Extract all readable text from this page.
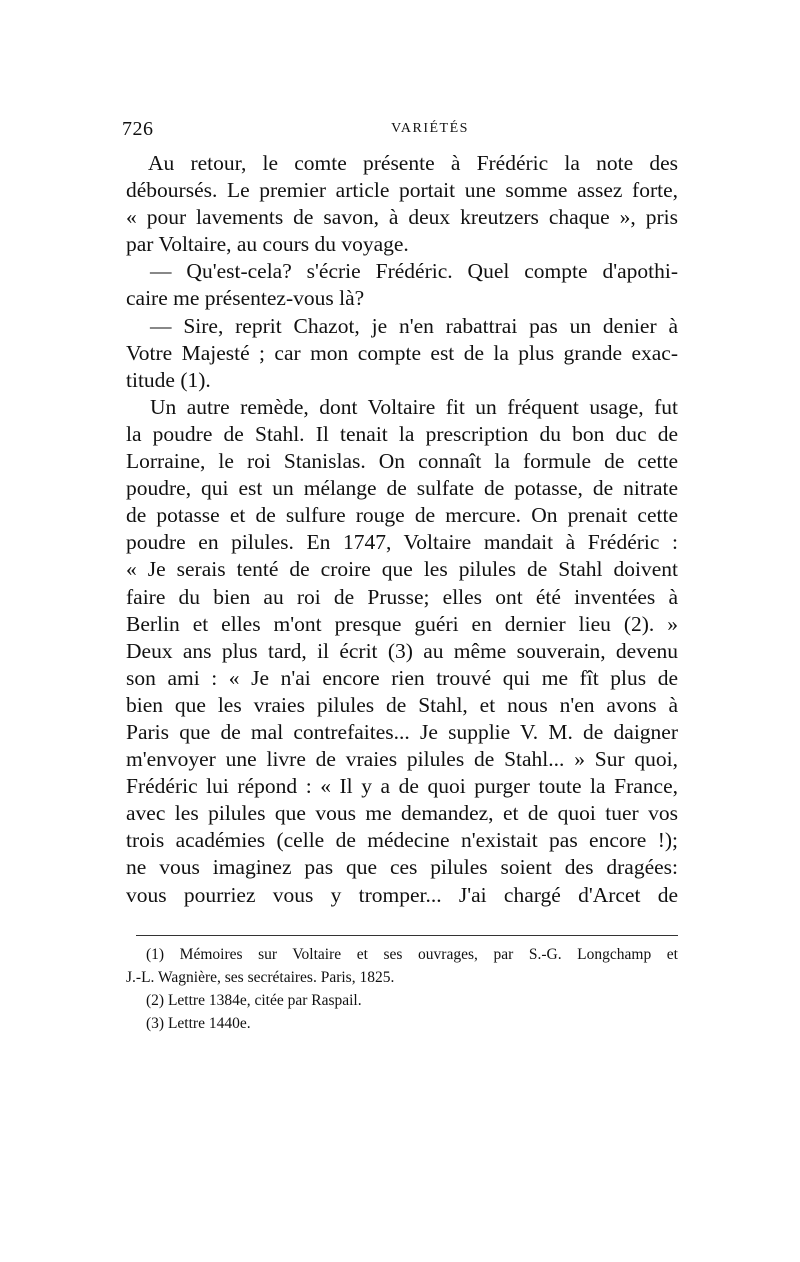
726	VARIÉTÉS
Au retour, le comte présente à Frédéric la note des
déboursés. Le premier article portait une somme assez forte,
« pour lavements de savon, à deux kreutzers chaque », pris
par Voltaire, au cours du voyage.
— Qu'est-cela? s'écrie Frédéric. Quel compte d'apothi-
caire me présentez-vous là?
— Sire, reprit Chazot, je n'en rabattrai pas un denier à
Votre Majesté ; car mon compte est de la plus grande exac-
titude (1).
Un autre remède, dont Voltaire fit un fréquent usage, fut
la poudre de Stahl. Il tenait la prescription du bon duc de
Lorraine, le roi Stanislas. On connaît la formule de cette
poudre, qui est un mélange de sulfate de potasse, de nitrate
de potasse et de sulfure rouge de mercure. On prenait cette
poudre en pilules. En 1747, Voltaire mandait à Frédéric :
« Je serais tenté de croire que les pilules de Stahl doivent
faire du bien au roi de Prusse; elles ont été inventées à
Berlin et elles m'ont presque guéri en dernier lieu (2). »
Deux ans plus tard, il écrit (3) au même souverain, devenu
son ami : « Je n'ai encore rien trouvé qui me fît plus de
bien que les vraies pilules de Stahl, et nous n'en avons à
Paris que de mal contrefaites... Je supplie V. M. de daigner
m'envoyer une livre de vraies pilules de Stahl... » Sur quoi,
Frédéric lui répond : « Il y a de quoi purger toute la France,
avec les pilules que vous me demandez, et de quoi tuer vos
trois académies (celle de médecine n'existait pas encore !);
ne vous imaginez pas que ces pilules soient des dragées:
vous pourriez vous y tromper... J'ai chargé d'Arcet de
(1) Mémoires sur Voltaire et ses ouvrages, par S.-G. Longchamp et
J.-L. Wagnière, ses secrétaires. Paris, 1825.
(2) Lettre 1384e, citée par Raspail.
(3) Lettre 1440e.
